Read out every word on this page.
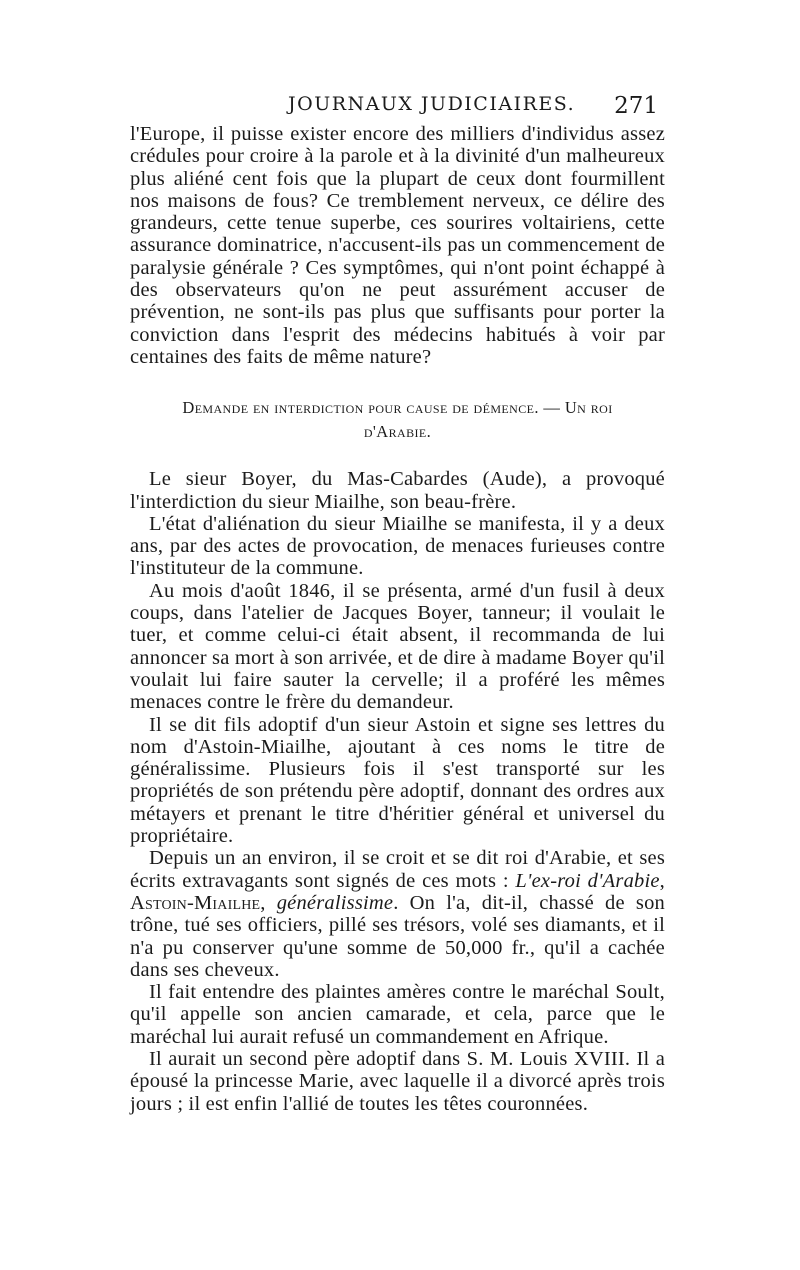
JOURNAUX JUDICIAIRES. 271

l'Europe, il puisse exister encore des milliers d'individus assez crédules pour croire à la parole et à la divinité d'un malheureux plus aliéné cent fois que la plupart de ceux dont fourmillent nos maisons de fous? Ce tremblement nerveux, ce délire des grandeurs, cette tenue superbe, ces sourires voltairiens, cette assurance dominatrice, n'accusent-ils pas un commencement de paralysie générale ? Ces symptômes, qui n'ont point échappé à des observateurs qu'on ne peut assurément accuser de prévention, ne sont-ils pas plus que suffisants pour porter la conviction dans l'esprit des médecins habitués à voir par centaines des faits de même nature?

Demande en interdiction pour cause de démence. — Un roi
d'Arabie.

Le sieur Boyer, du Mas-Cabardes (Aude), a provoqué l'interdiction du sieur Miailhe, son beau-frère.

L'état d'aliénation du sieur Miailhe se manifesta, il y a deux ans, par des actes de provocation, de menaces furieuses contre l'instituteur de la commune.

Au mois d'août 1846, il se présenta, armé d'un fusil à deux coups, dans l'atelier de Jacques Boyer, tanneur; il voulait le tuer, et comme celui-ci était absent, il recommanda de lui annoncer sa mort à son arrivée, et de dire à madame Boyer qu'il voulait lui faire sauter la cervelle; il a proféré les mêmes menaces contre le frère du demandeur.

Il se dit fils adoptif d'un sieur Astoin et signe ses lettres du nom d'Astoin-Miailhe, ajoutant à ces noms le titre de généralissime. Plusieurs fois il s'est transporté sur les propriétés de son prétendu père adoptif, donnant des ordres aux métayers et prenant le titre d'héritier général et universel du propriétaire.

Depuis un an environ, il se croit et se dit roi d'Arabie, et ses écrits extravagants sont signés de ces mots : L'ex-roi d'Arabie, Astoin-Miailhe, généralissime. On l'a, dit-il, chassé de son trône, tué ses officiers, pillé ses trésors, volé ses diamants, et il n'a pu conserver qu'une somme de 50,000 fr., qu'il a cachée dans ses cheveux.

Il fait entendre des plaintes amères contre le maréchal Soult, qu'il appelle son ancien camarade, et cela, parce que le maréchal lui aurait refusé un commandement en Afrique.

Il aurait un second père adoptif dans S. M. Louis XVIII. Il a épousé la princesse Marie, avec laquelle il a divorcé après trois jours ; il est enfin l'allié de toutes les têtes couronnées.
